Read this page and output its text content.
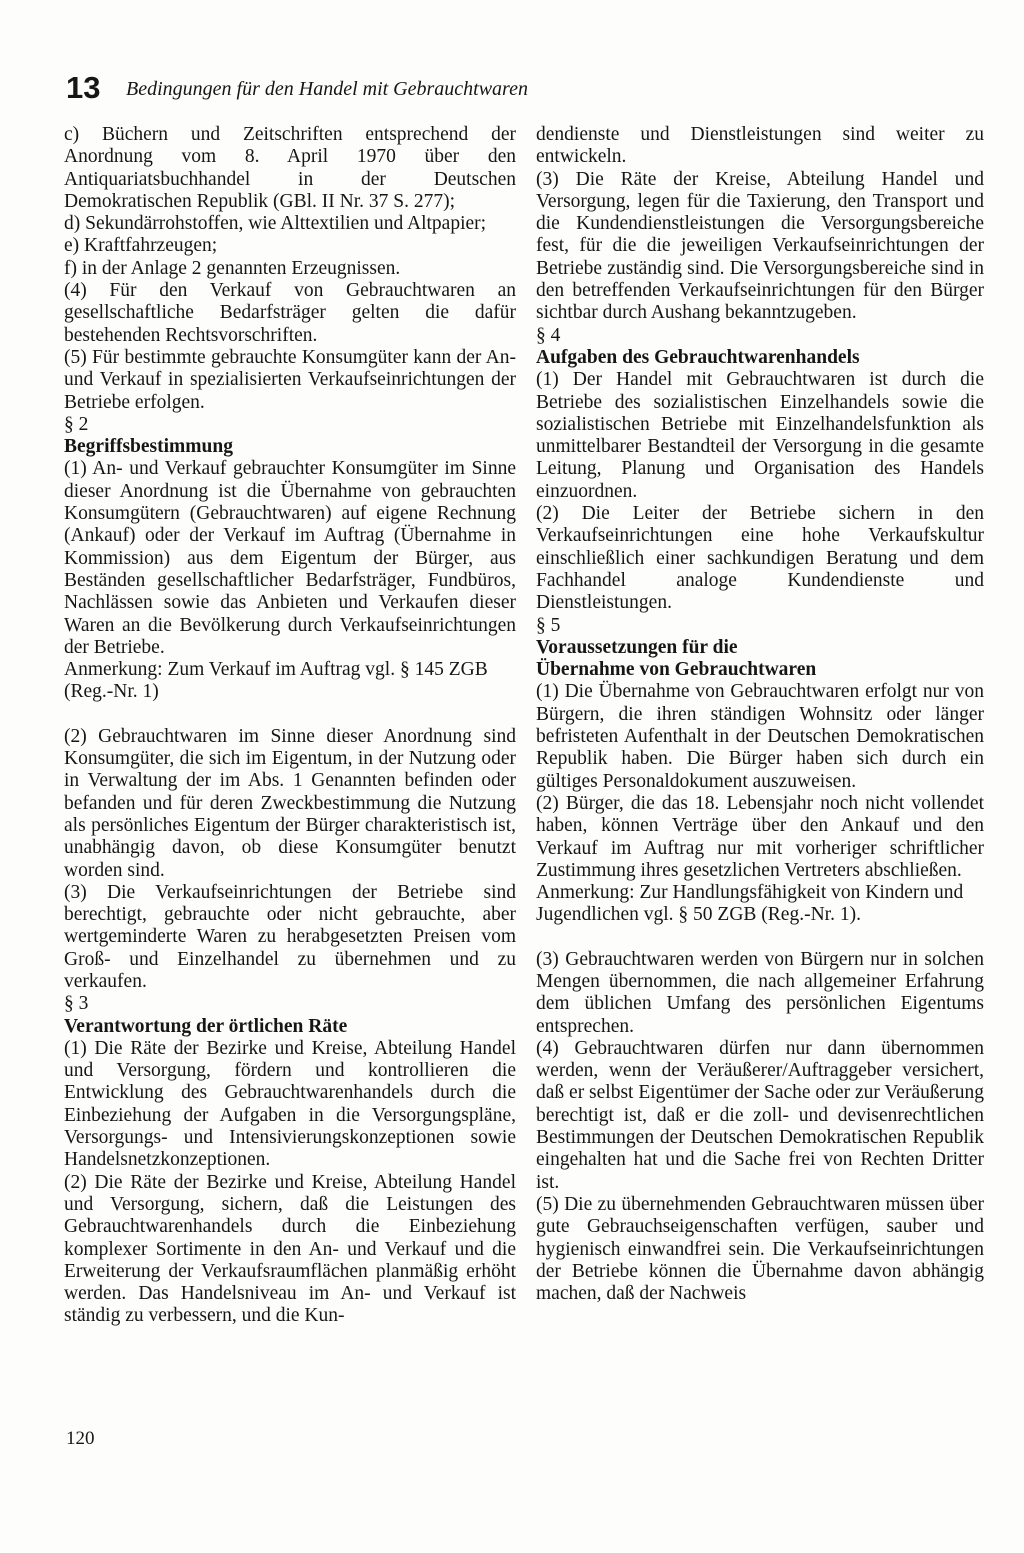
13 Bedingungen für den Handel mit Gebrauchtwaren

c) Büchern und Zeitschriften entsprechend der Anordnung vom 8. April 1970 über den Antiquariatsbuchhandel in der Deutschen Demokratischen Republik (GBl. II Nr. 37 S. 277);

d) Sekundärrohstoffen, wie Alttextilien und Altpapier;

e) Kraftfahrzeugen;

f) in der Anlage 2 genannten Erzeugnissen.

(4) Für den Verkauf von Gebrauchtwaren an gesellschaftliche Bedarfsträger gelten die dafür bestehenden Rechtsvorschriften.

(5) Für bestimmte gebrauchte Konsumgüter kann der An- und Verkauf in spezialisierten Verkaufseinrichtungen der Betriebe erfolgen.

§ 2

Begriffsbestimmung

(1) An- und Verkauf gebrauchter Konsumgüter im Sinne dieser Anordnung ist die Übernahme von gebrauchten Konsumgütern (Gebrauchtwaren) auf eigene Rechnung (Ankauf) oder der Verkauf im Auftrag (Übernahme in Kommission) aus dem Eigentum der Bürger, aus Beständen gesellschaftlicher Bedarfsträger, Fundbüros, Nachlässen sowie das Anbieten und Verkaufen dieser Waren an die Bevölkerung durch Verkaufseinrichtungen der Betriebe.

Anmerkung: Zum Verkauf im Auftrag vgl. § 145 ZGB (Reg.-Nr. 1)

(2) Gebrauchtwaren im Sinne dieser Anordnung sind Konsumgüter, die sich im Eigentum, in der Nutzung oder in Verwaltung der im Abs. 1 Genannten befinden oder befanden und für deren Zweckbestimmung die Nutzung als persönliches Eigentum der Bürger charakteristisch ist, unabhängig davon, ob diese Konsumgüter benutzt worden sind.

(3) Die Verkaufseinrichtungen der Betriebe sind berechtigt, gebrauchte oder nicht gebrauchte, aber wertgeminderte Waren zu herabgesetzten Preisen vom Groß- und Einzelhandel zu übernehmen und zu verkaufen.

§ 3

Verantwortung der örtlichen Räte

(1) Die Räte der Bezirke und Kreise, Abteilung Handel und Versorgung, fördern und kontrollieren die Entwicklung des Gebrauchtwarenhandels durch die Einbeziehung der Aufgaben in die Versorgungspläne, Versorgungs- und Intensivierungskonzeptionen sowie Handelsnetzkonzeptionen.

(2) Die Räte der Bezirke und Kreise, Abteilung Handel und Versorgung, sichern, daß die Leistungen des Gebrauchtwarenhandels durch die Einbeziehung komplexer Sortimente in den An- und Verkauf und die Erweiterung der Verkaufsraumflächen planmäßig erhöht werden. Das Handelsniveau im An- und Verkauf ist ständig zu verbessern, und die Kun-

dendienste und Dienstleistungen sind weiter zu entwickeln.

(3) Die Räte der Kreise, Abteilung Handel und Versorgung, legen für die Taxierung, den Transport und die Kundendienstleistungen die Versorgungsbereiche fest, für die die jeweiligen Verkaufseinrichtungen der Betriebe zuständig sind. Die Versorgungsbereiche sind in den betreffenden Verkaufseinrichtungen für den Bürger sichtbar durch Aushang bekanntzugeben.

§ 4

Aufgaben des Gebrauchtwarenhandels

(1) Der Handel mit Gebrauchtwaren ist durch die Betriebe des sozialistischen Einzelhandels sowie die sozialistischen Betriebe mit Einzelhandelsfunktion als unmittelbarer Bestandteil der Versorgung in die gesamte Leitung, Planung und Organisation des Handels einzuordnen.

(2) Die Leiter der Betriebe sichern in den Verkaufseinrichtungen eine hohe Verkaufskultur einschließlich einer sachkundigen Beratung und dem Fachhandel analoge Kundendienste und Dienstleistungen.

§ 5

Voraussetzungen für die

Übernahme von Gebrauchtwaren

(1) Die Übernahme von Gebrauchtwaren erfolgt nur von Bürgern, die ihren ständigen Wohnsitz oder länger befristeten Aufenthalt in der Deutschen Demokratischen Republik haben. Die Bürger haben sich durch ein gültiges Personaldokument auszuweisen.

(2) Bürger, die das 18. Lebensjahr noch nicht vollendet haben, können Verträge über den Ankauf und den Verkauf im Auftrag nur mit vorheriger schriftlicher Zustimmung ihres gesetzlichen Vertreters abschließen.

Anmerkung: Zur Handlungsfähigkeit von Kindern und Jugendlichen vgl. § 50 ZGB (Reg.-Nr. 1).

(3) Gebrauchtwaren werden von Bürgern nur in solchen Mengen übernommen, die nach allgemeiner Erfahrung dem üblichen Umfang des persönlichen Eigentums entsprechen.

(4) Gebrauchtwaren dürfen nur dann übernommen werden, wenn der Veräußerer/Auftraggeber versichert, daß er selbst Eigentümer der Sache oder zur Veräußerung berechtigt ist, daß er die zoll- und devisenrechtlichen Bestimmungen der Deutschen Demokratischen Republik eingehalten hat und die Sache frei von Rechten Dritter ist.

(5) Die zu übernehmenden Gebrauchtwaren müssen über gute Gebrauchseigenschaften verfügen, sauber und hygienisch einwandfrei sein. Die Verkaufseinrichtungen der Betriebe können die Übernahme davon abhängig machen, daß der Nachweis

120
